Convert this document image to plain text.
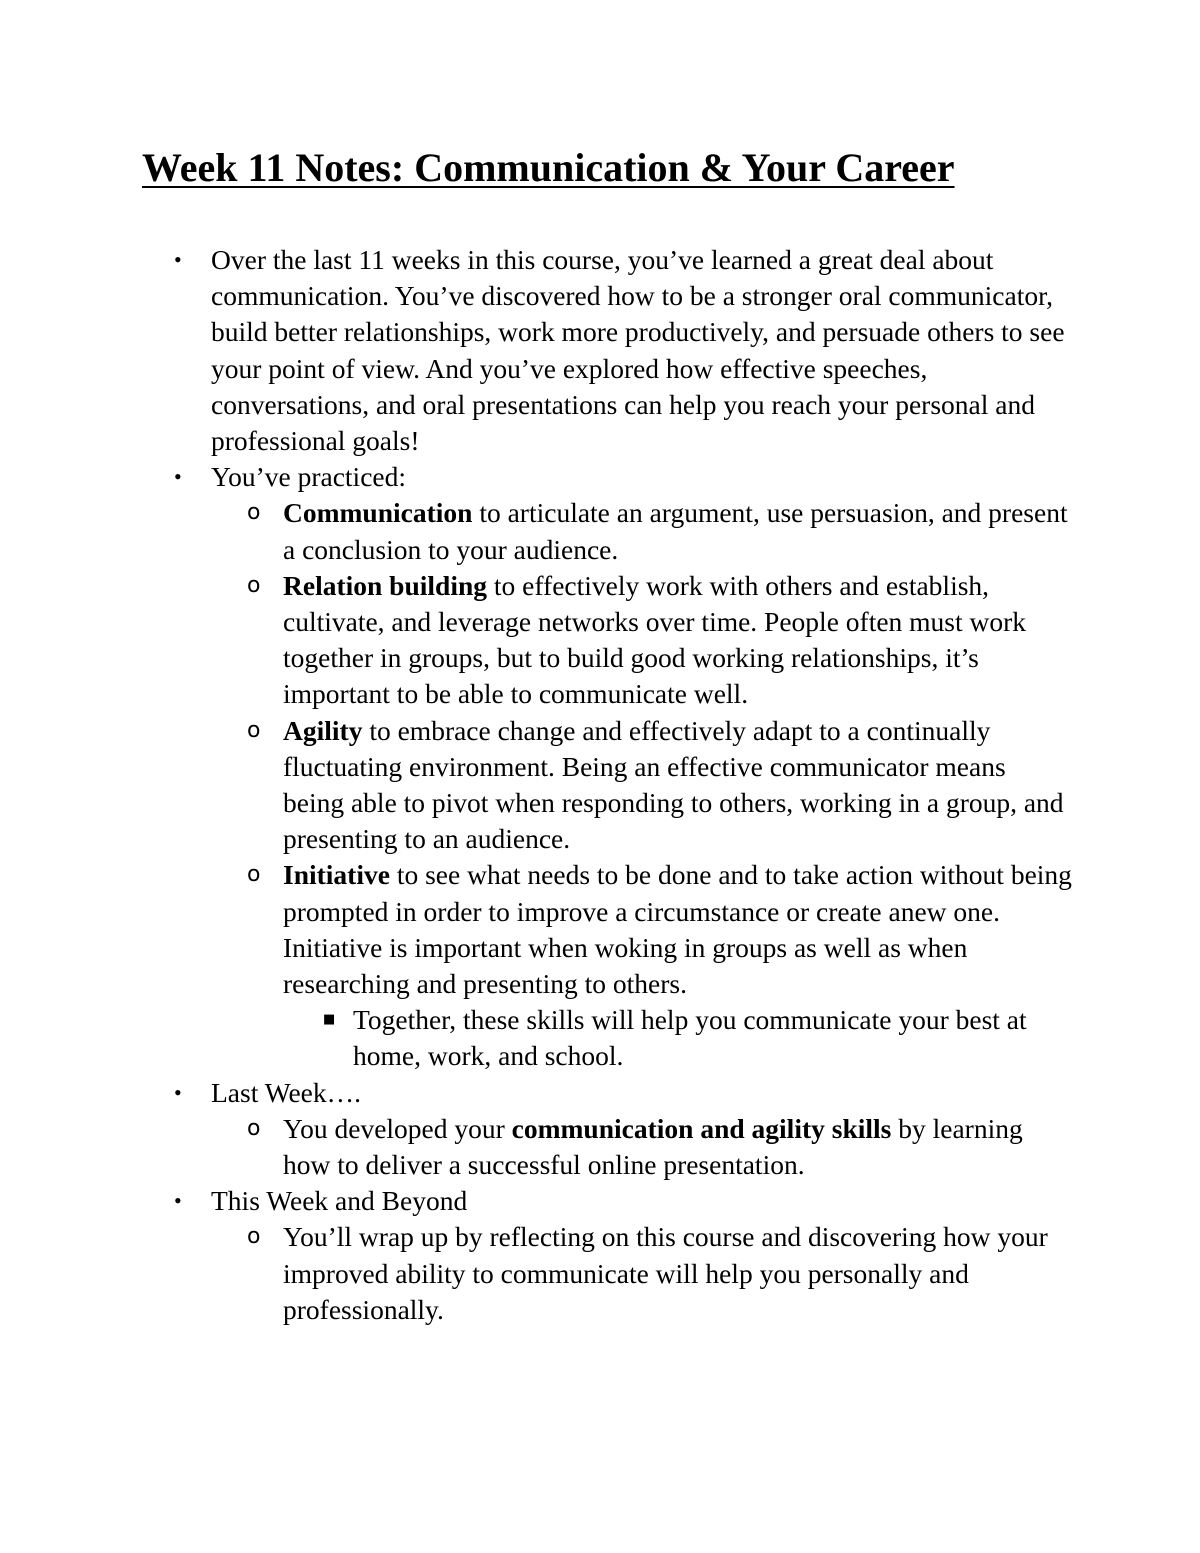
Week 11 Notes: Communication & Your Career
• Over the last 11 weeks in this course, you’ve learned a great deal about communication. You’ve discovered how to be a stronger oral communicator, build better relationships, work more productively, and persuade others to see your point of view. And you’ve explored how effective speeches, conversations, and oral presentations can help you reach your personal and professional goals!
• You’ve practiced:
o Communication to articulate an argument, use persuasion, and present a conclusion to your audience.
o Relation building to effectively work with others and establish, cultivate, and leverage networks over time. People often must work together in groups, but to build good working relationships, it’s important to be able to communicate well.
o Agility to embrace change and effectively adapt to a continually fluctuating environment. Being an effective communicator means being able to pivot when responding to others, working in a group, and presenting to an audience.
o Initiative to see what needs to be done and to take action without being prompted in order to improve a circumstance or create anew one. Initiative is important when woking in groups as well as when researching and presenting to others.
■ Together, these skills will help you communicate your best at home, work, and school.
• Last Week….
o You developed your communication and agility skills by learning how to deliver a successful online presentation.
• This Week and Beyond
o You’ll wrap up by reflecting on this course and discovering how your improved ability to communicate will help you personally and professionally.
